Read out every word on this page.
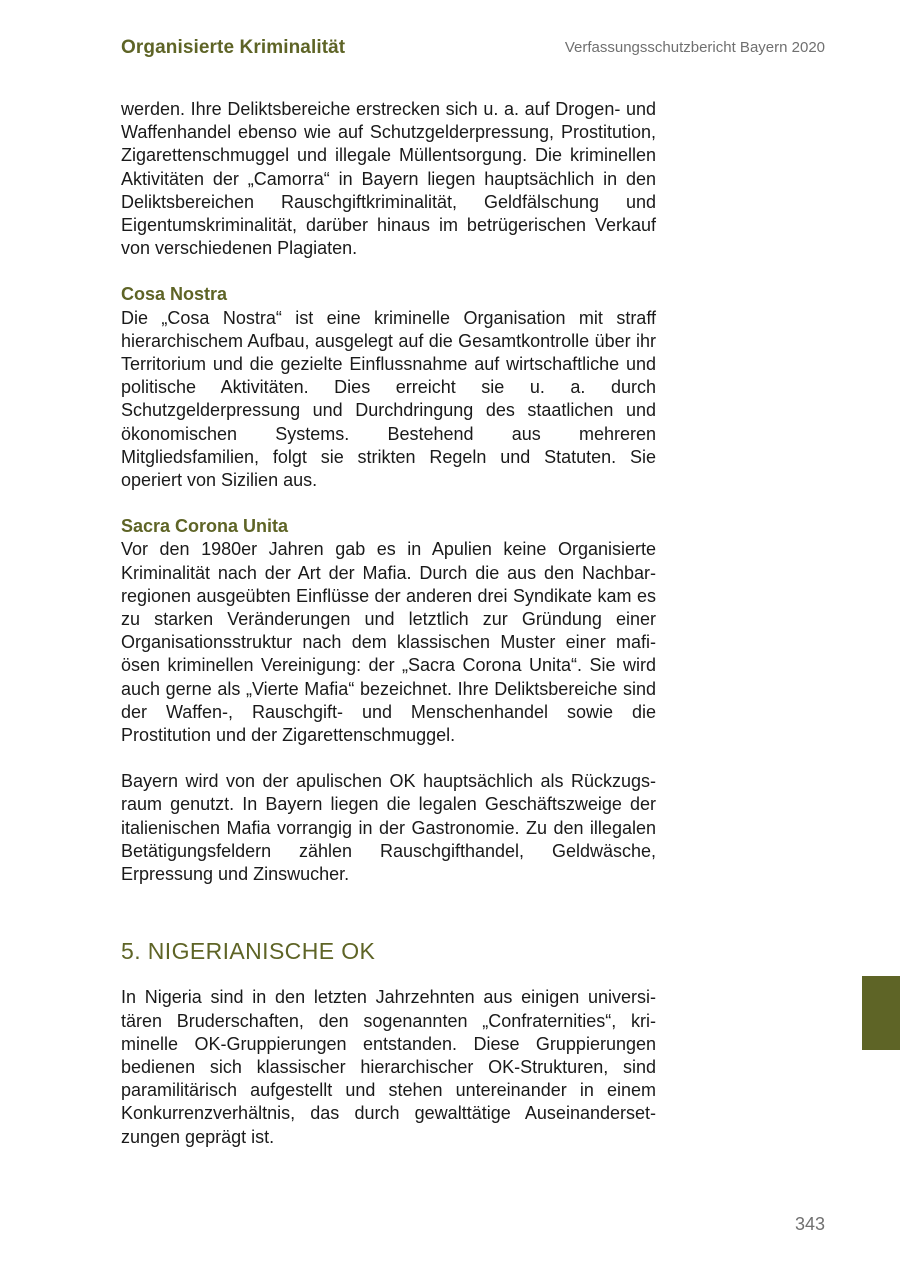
Organisierte Kriminalität	Verfassungsschutzbericht Bayern 2020

werden. Ihre Deliktsbereiche erstrecken sich u. a. auf Drogen- und Waffenhandel ebenso wie auf Schutzgelderpressung, Prostitution, Zigarettenschmuggel und illegale Müllentsorgung. Die kriminellen Aktivitäten der „Camorra“ in Bayern liegen hauptsächlich in den Deliktsbereichen Rauschgiftkriminalität, Geldfälschung und Eigentumskriminalität, darüber hinaus im betrügerischen Verkauf von verschiedenen Plagiaten.

Cosa Nostra

Die „Cosa Nostra“ ist eine kriminelle Organisation mit straff hierarchischem Aufbau, ausgelegt auf die Gesamtkontrolle über ihr Territorium und die gezielte Einflussnahme auf wirtschaftliche und politische Aktivitäten. Dies erreicht sie u. a. durch Schutzgelderpressung und Durchdringung des staatlichen und ökonomischen Systems. Bestehend aus mehreren Mitgliedsfamilien, folgt sie strikten Regeln und Statuten. Sie operiert von Sizilien aus.

Sacra Corona Unita

Vor den 1980er Jahren gab es in Apulien keine Organisierte Kriminalität nach der Art der Mafia. Durch die aus den Nachbarregionen ausgeübten Einflüsse der anderen drei Syndikate kam es zu starken Veränderungen und letztlich zur Gründung einer Organisationsstruktur nach dem klassischen Muster einer mafiösen kriminellen Vereinigung: der „Sacra Corona Unita“. Sie wird auch gerne als „Vierte Mafia“ bezeichnet. Ihre Deliktsbereiche sind der Waffen-, Rauschgift- und Menschenhandel sowie die Prostitution und der Zigarettenschmuggel.

Bayern wird von der apulischen OK hauptsächlich als Rückzugsraum genutzt. In Bayern liegen die legalen Geschäftszweige der italienischen Mafia vorrangig in der Gastronomie. Zu den illegalen Betätigungsfeldern zählen Rauschgifthandel, Geldwäsche, Erpressung und Zinswucher.

5. NIGERIANISCHE OK

In Nigeria sind in den letzten Jahrzehnten aus einigen universitären Bruderschaften, den sogenannten „Confraternities“, kriminelle OK-Gruppierungen entstanden. Diese Gruppierungen bedienen sich klassischer hierarchischer OK-Strukturen, sind paramilitärisch aufgestellt und stehen untereinander in einem Konkurrenzverhältnis, das durch gewalttätige Auseinandersetzungen geprägt ist.

343
